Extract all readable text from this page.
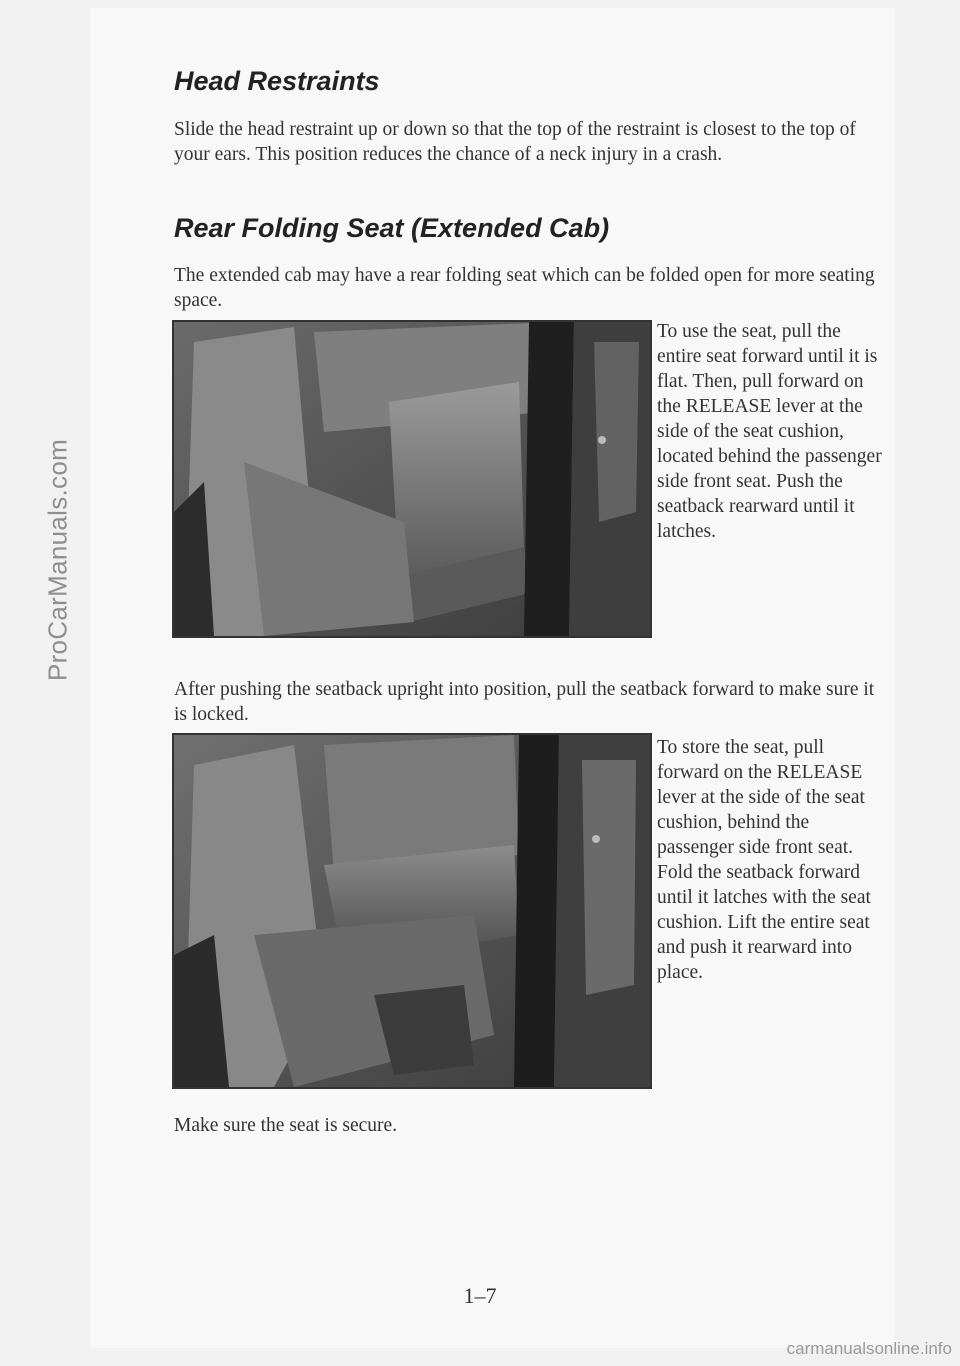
ProCarManuals.com
Head Restraints

Slide the head restraint up or down so that the top of the restraint is closest to the top of your ears. This position reduces the chance of a neck injury in a crash.

Rear Folding Seat (Extended Cab)

The extended cab may have a rear folding seat which can be folded open for more seating space.

To use the seat, pull the entire seat forward until it is flat. Then, pull forward on the RELEASE lever at the side of the seat cushion, located behind the passenger side front seat. Push the seatback rearward until it latches.

After pushing the seatback upright into position, pull the seatback forward to make sure it is locked.

To store the seat, pull forward on the RELEASE lever at the side of the seat cushion, behind the passenger side front seat. Fold the seatback forward until it latches with the seat cushion. Lift the entire seat and push it rearward into place.

Make sure the seat is secure.

1–7
carmanualsonline.info
